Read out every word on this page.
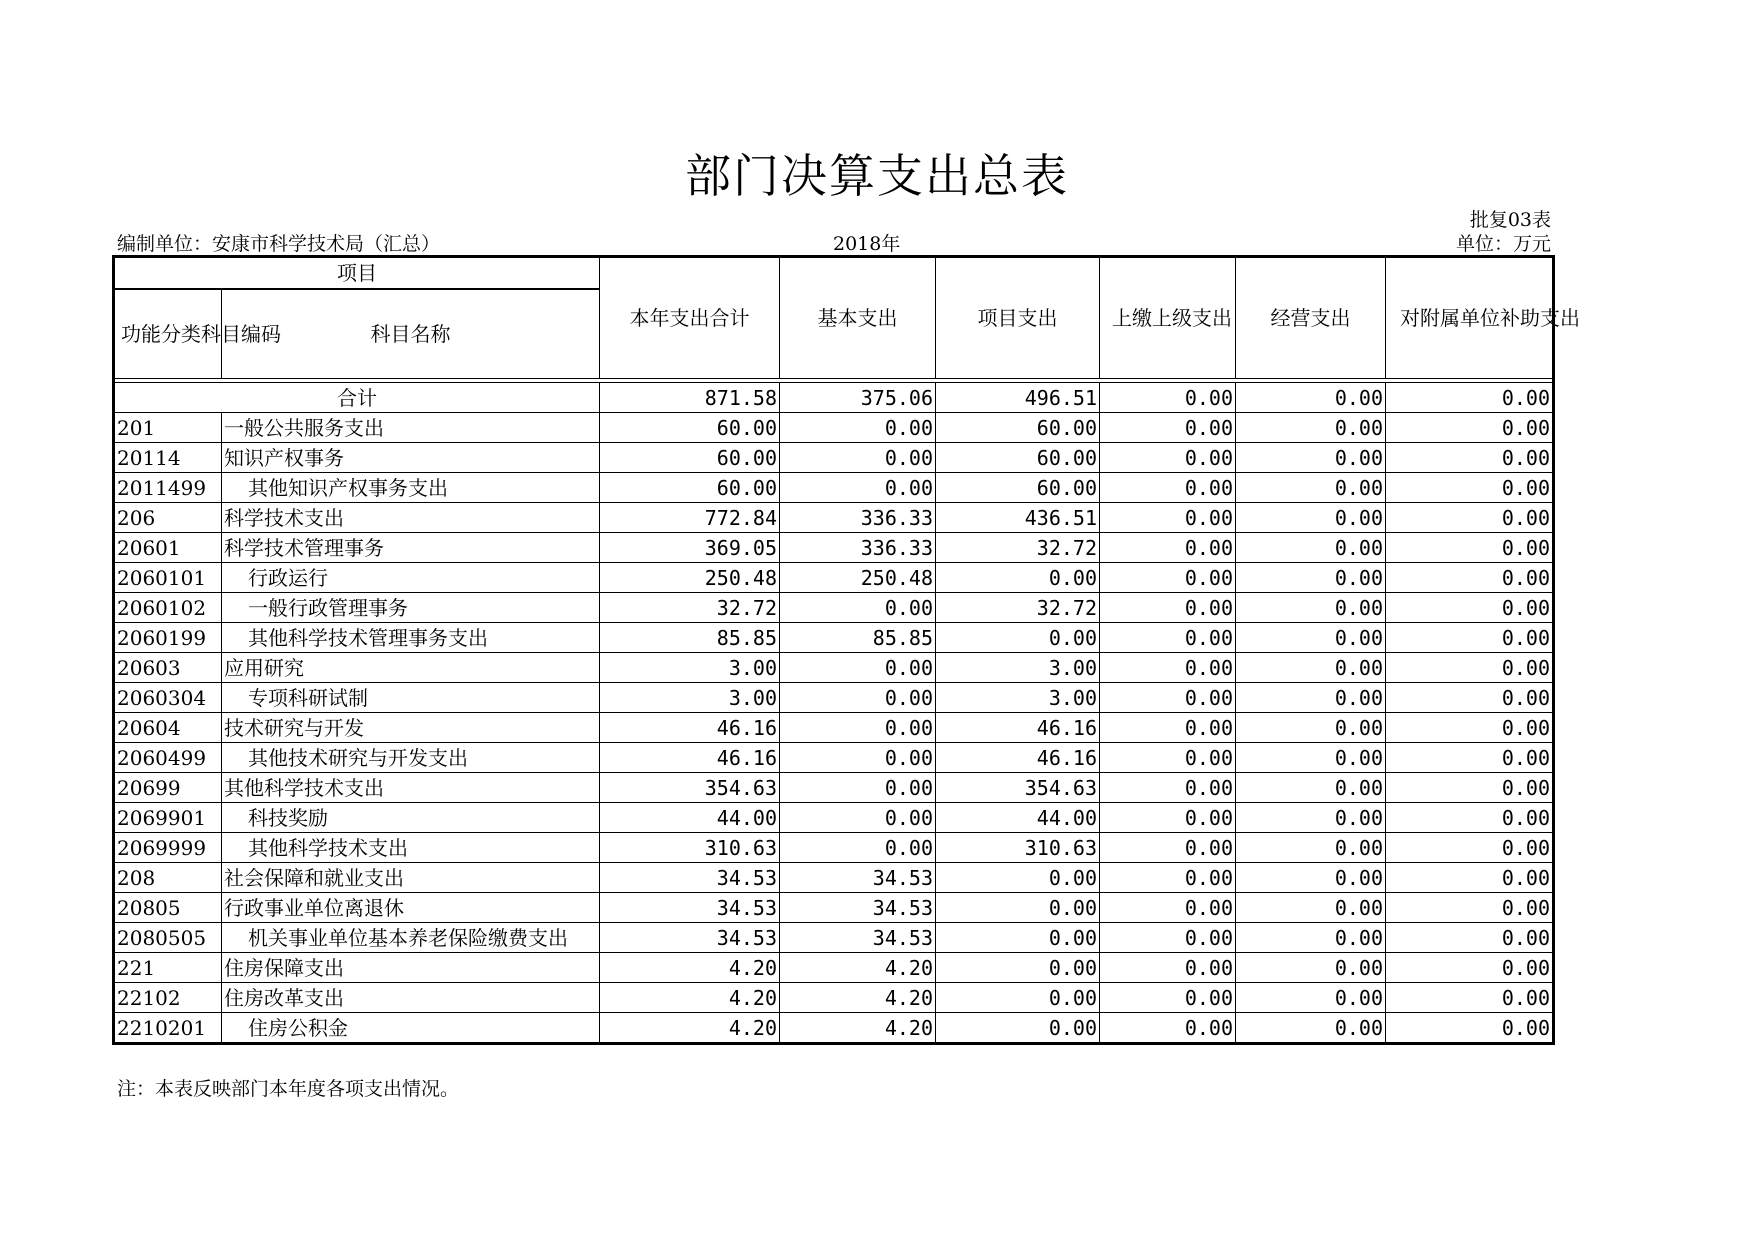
部门决算支出总表
批复03表
编制单位：安康市科学技术局（汇总）	2018年	单位：万元
项目		本年支出合计	基本支出	项目支出	上缴上级支出	经营支出	对附属单位补助支出
功能分类科目编码	科目名称						

合计		871.58	375.06	496.51	0.00	0.00	0.00
201	一般公共服务支出	60.00	0.00	60.00	0.00	0.00	0.00
20114	知识产权事务	60.00	0.00	60.00	0.00	0.00	0.00
2011499	其他知识产权事务支出	60.00	0.00	60.00	0.00	0.00	0.00
206	科学技术支出	772.84	336.33	436.51	0.00	0.00	0.00
20601	科学技术管理事务	369.05	336.33	32.72	0.00	0.00	0.00
2060101	行政运行	250.48	250.48	0.00	0.00	0.00	0.00
2060102	一般行政管理事务	32.72	0.00	32.72	0.00	0.00	0.00
2060199	其他科学技术管理事务支出	85.85	85.85	0.00	0.00	0.00	0.00
20603	应用研究	3.00	0.00	3.00	0.00	0.00	0.00
2060304	专项科研试制	3.00	0.00	3.00	0.00	0.00	0.00
20604	技术研究与开发	46.16	0.00	46.16	0.00	0.00	0.00
2060499	其他技术研究与开发支出	46.16	0.00	46.16	0.00	0.00	0.00
20699	其他科学技术支出	354.63	0.00	354.63	0.00	0.00	0.00
2069901	科技奖励	44.00	0.00	44.00	0.00	0.00	0.00
2069999	其他科学技术支出	310.63	0.00	310.63	0.00	0.00	0.00
208	社会保障和就业支出	34.53	34.53	0.00	0.00	0.00	0.00
20805	行政事业单位离退休	34.53	34.53	0.00	0.00	0.00	0.00
2080505	机关事业单位基本养老保险缴费支出	34.53	34.53	0.00	0.00	0.00	0.00
221	住房保障支出	4.20	4.20	0.00	0.00	0.00	0.00
22102	住房改革支出	4.20	4.20	0.00	0.00	0.00	0.00
2210201	住房公积金	4.20	4.20	0.00	0.00	0.00	0.00
注：本表反映部门本年度各项支出情况。
